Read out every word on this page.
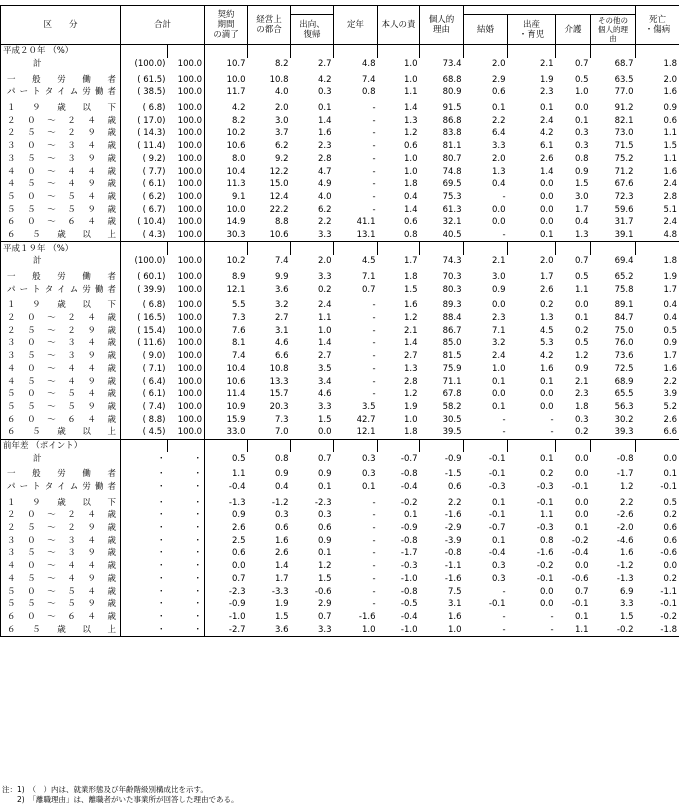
区　　分	合計		契約
期間
の満了	経営上
の都合		定年	本人の責	個人的
理由					死亡
・傷病
					出向、
復帰				結婚	出産
・育児	介護	その他の
個人的理
由	
平成２０年 （%）													
計	(100.0)	100.0	10.7	8.2	2.7	4.8	1.0	73.4	2.0	2.1	0.7	68.7	1.8

一 般 労 働 者	( 61.5)	100.0	10.0	10.8	4.2	7.4	1.0	68.8	2.9	1.9	0.5	63.5	2.0

パートタイム労働者	( 38.5)	100.0	11.7	4.0	0.3	0.8	1.1	80.9	0.6	2.3	1.0	77.0	1.6

１ ９ 歳 以 下	( 6.8)	100.0	4.2	2.0	0.1	-	1.4	91.5	0.1	0.1	0.0	91.2	0.9

２ ０ ～ ２ ４ 歳	( 17.0)	100.0	8.2	3.0	1.4	-	1.3	86.8	2.2	2.4	0.1	82.1	0.6

２ ５ ～ ２ ９ 歳	( 14.3)	100.0	10.2	3.7	1.6	-	1.2	83.8	6.4	4.2	0.3	73.0	1.1

３ ０ ～ ３ ４ 歳	( 11.4)	100.0	10.6	6.2	2.3	-	0.6	81.1	3.3	6.1	0.3	71.5	1.5

３ ５ ～ ３ ９ 歳	( 9.2)	100.0	8.0	9.2	2.8	-	1.0	80.7	2.0	2.6	0.8	75.2	1.1

４ ０ ～ ４ ４ 歳	( 7.7)	100.0	10.4	12.2	4.7	-	1.0	74.8	1.3	1.4	0.9	71.2	1.6

４ ５ ～ ４ ９ 歳	( 6.1)	100.0	11.3	15.0	4.9	-	1.8	69.5	0.4	0.0	1.5	67.6	2.4

５ ０ ～ ５ ４ 歳	( 6.2)	100.0	9.1	12.4	4.0	-	0.4	75.3	-	0.0	3.0	72.3	2.8

５ ５ ～ ５ ９ 歳	( 6.7)	100.0	10.0	22.2	6.2	-	1.4	61.3	0.0	0.0	1.7	59.6	5.1

６ ０ ～ ６ ４ 歳	( 10.4)	100.0	14.9	8.8	2.2	41.1	0.6	32.1	0.0	0.0	0.4	31.7	2.4

６ ５ 歳 以 上	( 4.3)	100.0	30.3	10.6	3.3	13.1	0.8	40.5	-	0.1	1.3	39.1	4.8
平成１９年 （%）													
計	(100.0)	100.0	10.2	7.4	2.0	4.5	1.7	74.3	2.1	2.0	0.7	69.4	1.8

一 般 労 働 者	( 60.1)	100.0	8.9	9.9	3.3	7.1	1.8	70.3	3.0	1.7	0.5	65.2	1.9

パートタイム労働者	( 39.9)	100.0	12.1	3.6	0.2	0.7	1.5	80.3	0.9	2.6	1.1	75.8	1.7

１ ９ 歳 以 下	( 6.8)	100.0	5.5	3.2	2.4	-	1.6	89.3	0.0	0.2	0.0	89.1	0.4

２ ０ ～ ２ ４ 歳	( 16.5)	100.0	7.3	2.7	1.1	-	1.2	88.4	2.3	1.3	0.1	84.7	0.4

２ ５ ～ ２ ９ 歳	( 15.4)	100.0	7.6	3.1	1.0	-	2.1	86.7	7.1	4.5	0.2	75.0	0.5

３ ０ ～ ３ ４ 歳	( 11.6)	100.0	8.1	4.6	1.4	-	1.4	85.0	3.2	5.3	0.5	76.0	0.9

３ ５ ～ ３ ９ 歳	( 9.0)	100.0	7.4	6.6	2.7	-	2.7	81.5	2.4	4.2	1.2	73.6	1.7

４ ０ ～ ４ ４ 歳	( 7.1)	100.0	10.4	10.8	3.5	-	1.3	75.9	1.0	1.6	0.9	72.5	1.6

４ ５ ～ ４ ９ 歳	( 6.4)	100.0	10.6	13.3	3.4	-	2.8	71.1	0.1	0.1	2.1	68.9	2.2

５ ０ ～ ５ ４ 歳	( 6.1)	100.0	11.4	15.7	4.6	-	1.2	67.8	0.0	0.0	2.3	65.5	3.9

５ ５ ～ ５ ９ 歳	( 7.4)	100.0	10.9	20.3	3.3	3.5	1.9	58.2	0.1	0.0	1.8	56.3	5.2

６ ０ ～ ６ ４ 歳	( 8.8)	100.0	15.9	7.3	1.5	42.7	1.0	30.5	-	-	0.3	30.2	2.6

６ ５ 歳 以 上	( 4.5)	100.0	33.0	7.0	0.0	12.1	1.8	39.5	-	-	0.2	39.3	6.6
前年差 （ポイント）													
計	・	・	0.5	0.8	0.7	0.3	-0.7	-0.9	-0.1	0.1	0.0	-0.8	0.0

一 般 労 働 者	・	・	1.1	0.9	0.9	0.3	-0.8	-1.5	-0.1	0.2	0.0	-1.7	0.1

パートタイム労働者	・	・	-0.4	0.4	0.1	0.1	-0.4	0.6	-0.3	-0.3	-0.1	1.2	-0.1

１ ９ 歳 以 下	・	・	-1.3	-1.2	-2.3	-	-0.2	2.2	0.1	-0.1	0.0	2.2	0.5

２ ０ ～ ２ ４ 歳	・	・	0.9	0.3	0.3	-	0.1	-1.6	-0.1	1.1	0.0	-2.6	0.2

２ ５ ～ ２ ９ 歳	・	・	2.6	0.6	0.6	-	-0.9	-2.9	-0.7	-0.3	0.1	-2.0	0.6

３ ０ ～ ３ ４ 歳	・	・	2.5	1.6	0.9	-	-0.8	-3.9	0.1	0.8	-0.2	-4.6	0.6

３ ５ ～ ３ ９ 歳	・	・	0.6	2.6	0.1	-	-1.7	-0.8	-0.4	-1.6	-0.4	1.6	-0.6

４ ０ ～ ４ ４ 歳	・	・	0.0	1.4	1.2	-	-0.3	-1.1	0.3	-0.2	0.0	-1.2	0.0

４ ５ ～ ４ ９ 歳	・	・	0.7	1.7	1.5	-	-1.0	-1.6	0.3	-0.1	-0.6	-1.3	0.2

５ ０ ～ ５ ４ 歳	・	・	-2.3	-3.3	-0.6	-	-0.8	7.5	-	0.0	0.7	6.9	-1.1

５ ５ ～ ５ ９ 歳	・	・	-0.9	1.9	2.9	-	-0.5	3.1	-0.1	0.0	-0.1	3.3	-0.1

６ ０ ～ ６ ４ 歳	・	・	-1.0	1.5	0.7	-1.6	-0.4	1.6	-	-	0.1	1.5	-0.2

６ ５ 歳 以 上	・	・	-2.7	3.6	3.3	1.0	-1.0	1.0	-	-	1.1	-0.2	-1.8
注：1)　（　）内は、就業形態及び年齢階級別構成比を示す。
　　2)　「離職理由」は、離職者がいた事業所が回答した理由である。
